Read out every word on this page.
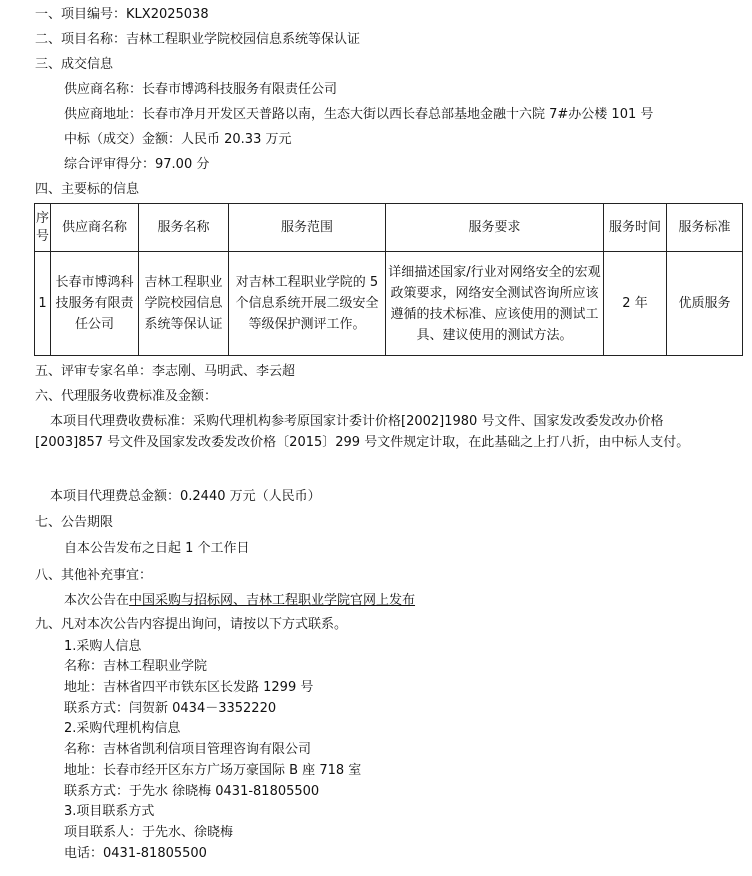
一、项目编号：KLX2025038
二、项目名称：吉林工程职业学院校园信息系统等保认证
三、成交信息
供应商名称：长春市博鸿科技服务有限责任公司
供应商地址：长春市净月开发区天普路以南，生态大街以西长春总部基地金融十六院 7#办公楼 101 号
中标（成交）金额：人民币 20.33 万元
综合评审得分：97.00 分
四、主要标的信息
序号	供应商名称	服务名称	服务范围	服务要求	服务时间	服务标准
1	长春市博鸿科技服务有限责任公司	吉林工程职业学院校园信息系统等保认证	对吉林工程职业学院的 5 个信息系统开展二级安全等级保护测评工作。	详细描述国家/行业对网络安全的宏观政策要求，网络安全测试咨询所应该遵循的技术标准、应该使用的测试工具、建议使用的测试方法。	2 年	优质服务
五、评审专家名单：李志刚、马明武、李云超
六、代理服务收费标准及金额：
本项目代理费收费标准：采购代理机构参考原国家计委计价格[2002]1980 号文件、国家发改委发改办价格[2003]857 号文件及国家发改委发改价格〔2015〕299 号文件规定计取，在此基础之上打八折，由中标人支付。
本项目代理费总金额：0.2440 万元（人民币）
七、公告期限
自本公告发布之日起 1 个工作日
八、其他补充事宜：
本次公告在中国采购与招标网、吉林工程职业学院官网上发布
九、凡对本次公告内容提出询问，请按以下方式联系。
1.采购人信息
名称：吉林工程职业学院
地址：吉林省四平市铁东区长发路 1299 号
联系方式：闫贺新 0434－3352220
2.采购代理机构信息
名称：吉林省凯利信项目管理咨询有限公司
地址：长春市经开区东方广场万豪国际 B 座 718 室
联系方式：于先水 徐晓梅 0431-81805500
3.项目联系方式
项目联系人：于先水、徐晓梅
电话：0431-81805500
